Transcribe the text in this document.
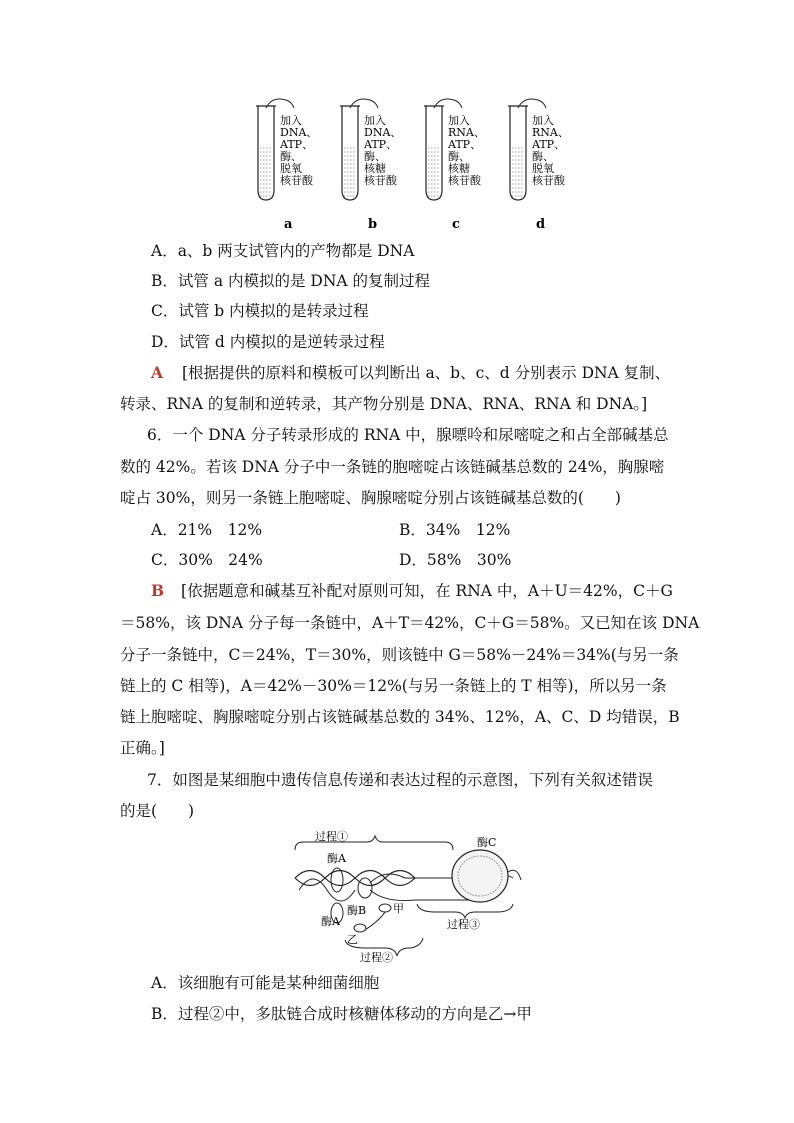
加入
DNA、
ATP、
酶、
脱氧
核苷酸
a
加入
DNA、
ATP、
酶、
核糖
核苷酸
b
加入
RNA、
ATP、
酶、
核糖
核苷酸
c
加入
RNA、
ATP、
酶、
脱氧
核苷酸
d
A．a、b 两支试管内的产物都是 DNA
B．试管 a 内模拟的是 DNA 的复制过程
C．试管 b 内模拟的是转录过程
D．试管 d 内模拟的是逆转录过程
A [根据提供的原料和模板可以判断出 a、b、c、d 分别表示 DNA 复制、
转录、RNA 的复制和逆转录，其产物分别是 DNA、RNA、RNA 和 DNA。]
6．一个 DNA 分子转录形成的 RNA 中，腺嘌呤和尿嘧啶之和占全部碱基总
数的 42%。若该 DNA 分子中一条链的胞嘧啶占该链碱基总数的 24%，胸腺嘧
啶占 30%，则另一条链上胞嘧啶、胸腺嘧啶分别占该链碱基总数的(　　)
A．21%　12%	B．34%　12%
C．30%　24%	D．58%　30%
B [依据题意和碱基互补配对原则可知，在 RNA 中，A＋U＝42%，C＋G
＝58%，该 DNA 分子每一条链中，A＋T＝42%，C＋G＝58%。又已知在该 DNA
分子一条链中，C＝24%，T＝30%，则该链中 G＝58%－24%＝34%(与另一条
链上的 C 相等)，A＝42%－30%＝12%(与另一条链上的 T 相等)，所以另一条
链上胞嘧啶、胸腺嘧啶分别占该链碱基总数的 34%、12%，A、C、D 均错误，B
正确。]
7．如图是某细胞中遗传信息传递和表达过程的示意图，下列有关叙述错误
的是(　　)
过程①
酶A
酶A
酶B 甲
乙
过程②
酶C
过程③
A．该细胞有可能是某种细菌细胞
B．过程②中，多肽链合成时核糖体移动的方向是乙→甲
